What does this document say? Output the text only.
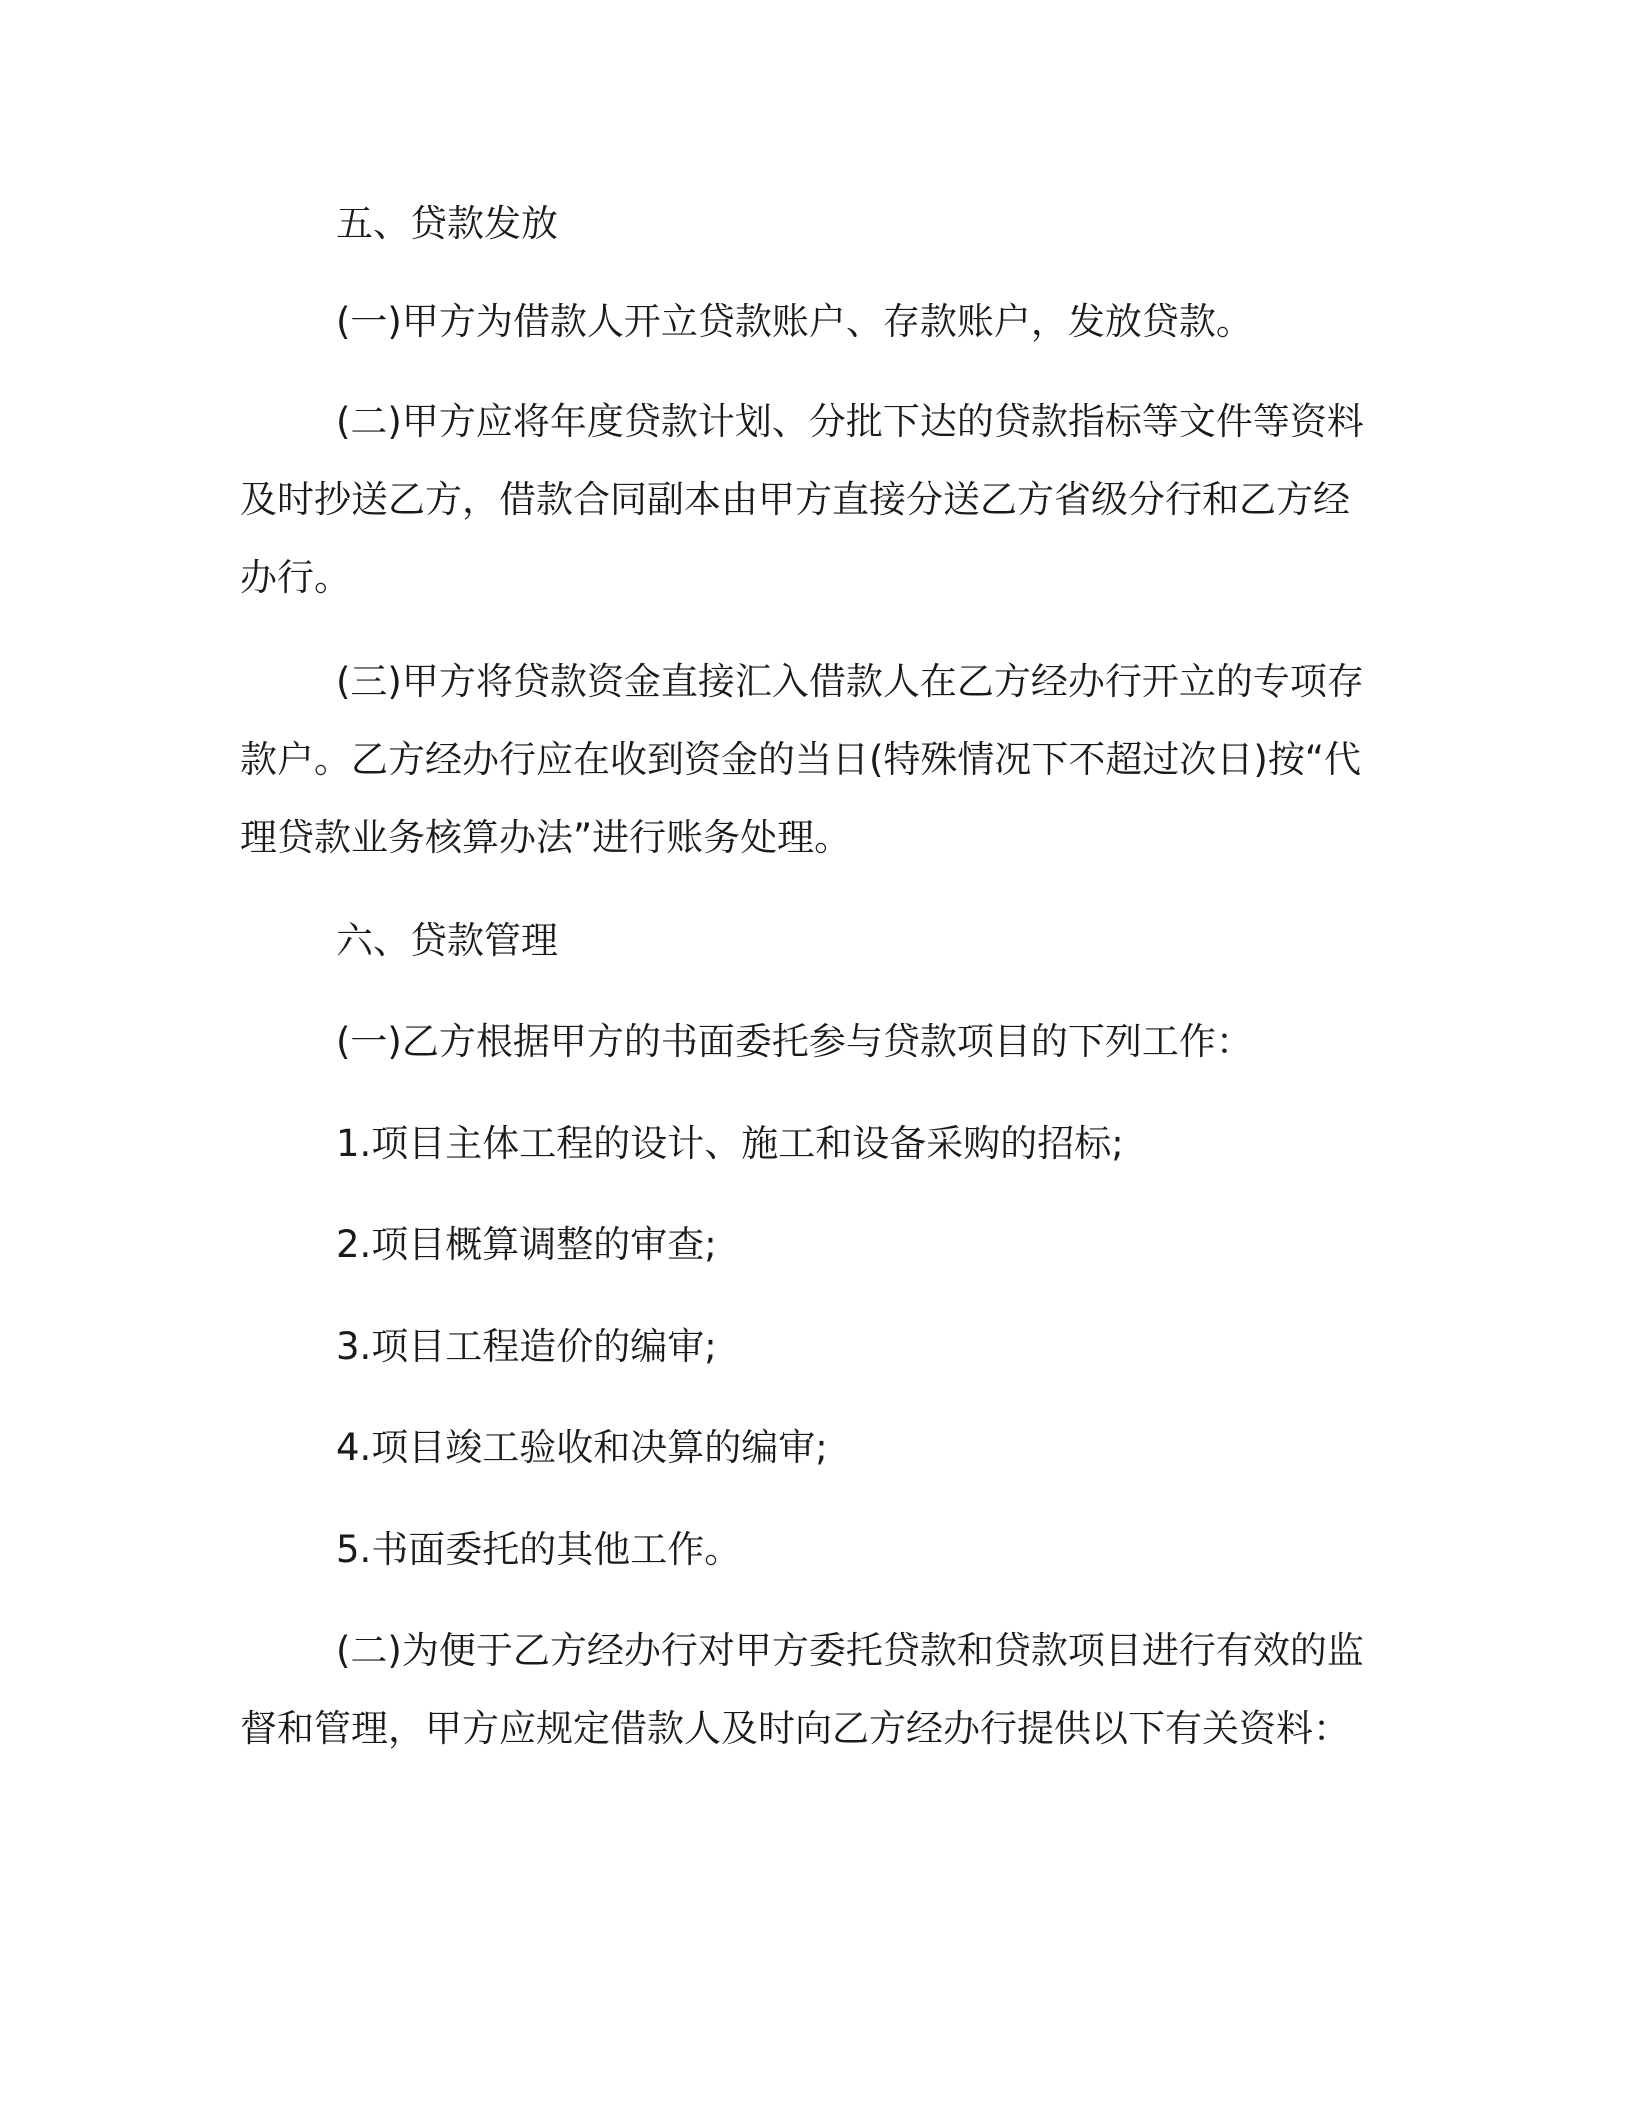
五、贷款发放

(一)甲方为借款人开立贷款账户、存款账户，发放贷款。

(二)甲方应将年度贷款计划、分批下达的贷款指标等文件等资料及时抄送乙方，借款合同副本由甲方直接分送乙方省级分行和乙方经办行。

(三)甲方将贷款资金直接汇入借款人在乙方经办行开立的专项存款户。乙方经办行应在收到资金的当日(特殊情况下不超过次日)按“代理贷款业务核算办法”进行账务处理。

六、贷款管理

(一)乙方根据甲方的书面委托参与贷款项目的下列工作：

1.项目主体工程的设计、施工和设备采购的招标;

2.项目概算调整的审查;

3.项目工程造价的编审;

4.项目竣工验收和决算的编审;

5.书面委托的其他工作。

(二)为便于乙方经办行对甲方委托贷款和贷款项目进行有效的监督和管理，甲方应规定借款人及时向乙方经办行提供以下有关资料：
